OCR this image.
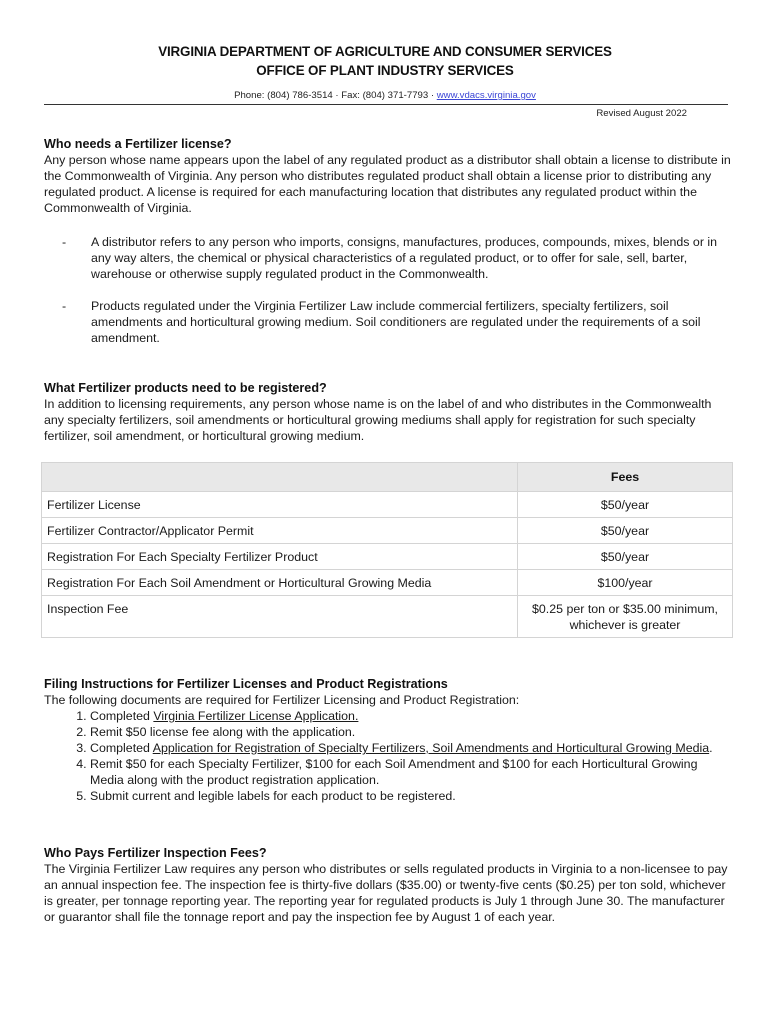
VIRGINIA DEPARTMENT OF AGRICULTURE AND CONSUMER SERVICES
OFFICE OF PLANT INDUSTRY SERVICES
Phone: (804) 786-3514 · Fax: (804) 371-7793 · www.vdacs.virginia.gov
Revised August 2022
Who needs a Fertilizer license?

Any person whose name appears upon the label of any regulated product as a distributor shall obtain a license to distribute in the Commonwealth of Virginia. Any person who distributes regulated product shall obtain a license prior to distributing any regulated product. A license is required for each manufacturing location that distributes any regulated product within the Commonwealth of Virginia.

- A distributor refers to any person who imports, consigns, manufactures, produces, compounds, mixes, blends or in any way alters, the chemical or physical characteristics of a regulated product, or to offer for sale, sell, barter, warehouse or otherwise supply regulated product in the Commonwealth.
- Products regulated under the Virginia Fertilizer Law include commercial fertilizers, specialty fertilizers, soil amendments and horticultural growing medium. Soil conditioners are regulated under the requirements of a soil amendment.
What Fertilizer products need to be registered?

In addition to licensing requirements, any person whose name is on the label of and who distributes in the Commonwealth any specialty fertilizers, soil amendments or horticultural growing mediums shall apply for registration for such specialty fertilizer, soil amendment, or horticultural growing medium.

	Fees
Fertilizer License	$50/year
Fertilizer Contractor/Applicator Permit	$50/year
Registration For Each Specialty Fertilizer Product	$50/year
Registration For Each Soil Amendment or Horticultural Growing Media	$100/year
Inspection Fee	$0.25 per ton or $35.00 minimum, whichever is greater
Filing Instructions for Fertilizer Licenses and Product Registrations

The following documents are required for Fertilizer Licensing and Product Registration:

1. Completed Virginia Fertilizer License Application.
2. Remit $50 license fee along with the application.
3. Completed Application for Registration of Specialty Fertilizers, Soil Amendments and Horticultural Growing Media.
4. Remit $50 for each Specialty Fertilizer, $100 for each Soil Amendment and $100 for each Horticultural Growing Media along with the product registration application.
5. Submit current and legible labels for each product to be registered.
Who Pays Fertilizer Inspection Fees?

The Virginia Fertilizer Law requires any person who distributes or sells regulated products in Virginia to a non-licensee to pay an annual inspection fee. The inspection fee is thirty-five dollars ($35.00) or twenty-five cents ($0.25) per ton sold, whichever is greater, per tonnage reporting year. The reporting year for regulated products is July 1 through June 30. The manufacturer or guarantor shall file the tonnage report and pay the inspection fee by August 1 of each year.
